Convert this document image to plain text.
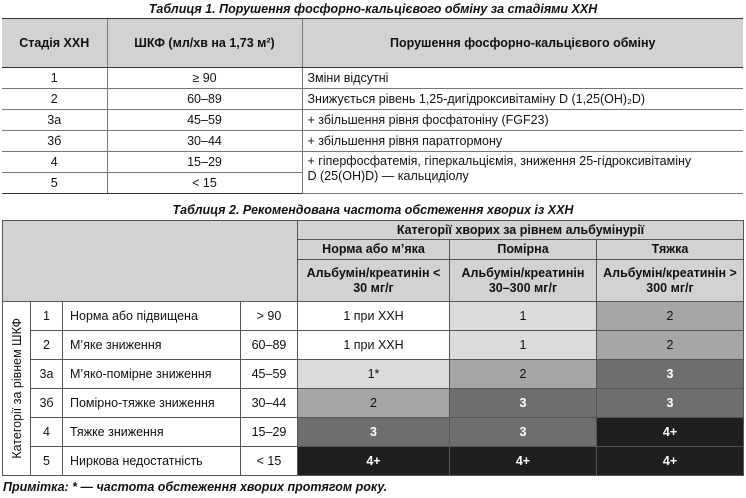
Таблиця 1. Порушення фосфорно-кальцієвого обміну за стадіями ХХН
Стадія ХХН	ШКФ (мл/хв на 1,73 м²)	Порушення фосфорно-кальцієвого обміну
1	≥ 90	Зміни відсутні
2	60–89	Знижується рівень 1,25-дигідроксивітаміну D (1,25(OH)₂D)
3а	45–59	+ збільшення рівня фосфатоніну (FGF23)
3б	30–44	+ збільшення рівня паратгормону
4	15–29	+ гіперфосфатемія, гіперкальціємія, зниження 25-гідроксивітаміну
D (25(OH)D) — кальцидіолу
5	< 15	
Таблиця 2. Рекомендована частота обстеження хворих із ХХН
				Категорії хворих за рівнем альбумінурії		
				Норма або м’яка	Помірна	Тяжка
				Альбумін/креатинін < 30 мг/г	Альбумін/креатинін 30–300 мг/г	Альбумін/креатинін > 300 мг/г

Категорії за рівнем ШКФ	1	Норма або підвищена	> 90	1 при ХХН	1	2
	2	М’яке зниження	60–89	1 при ХХН	1	2
	3а	М’яко-помірне зниження	45–59	1*	2	3
	3б	Помірно-тяжке зниження	30–44	2	3	3
	4	Тяжке зниження	15–29	3	3	4+
	5	Ниркова недостатність	< 15	4+	4+	4+
Примітка: * — частота обстеження хворих протягом року.
